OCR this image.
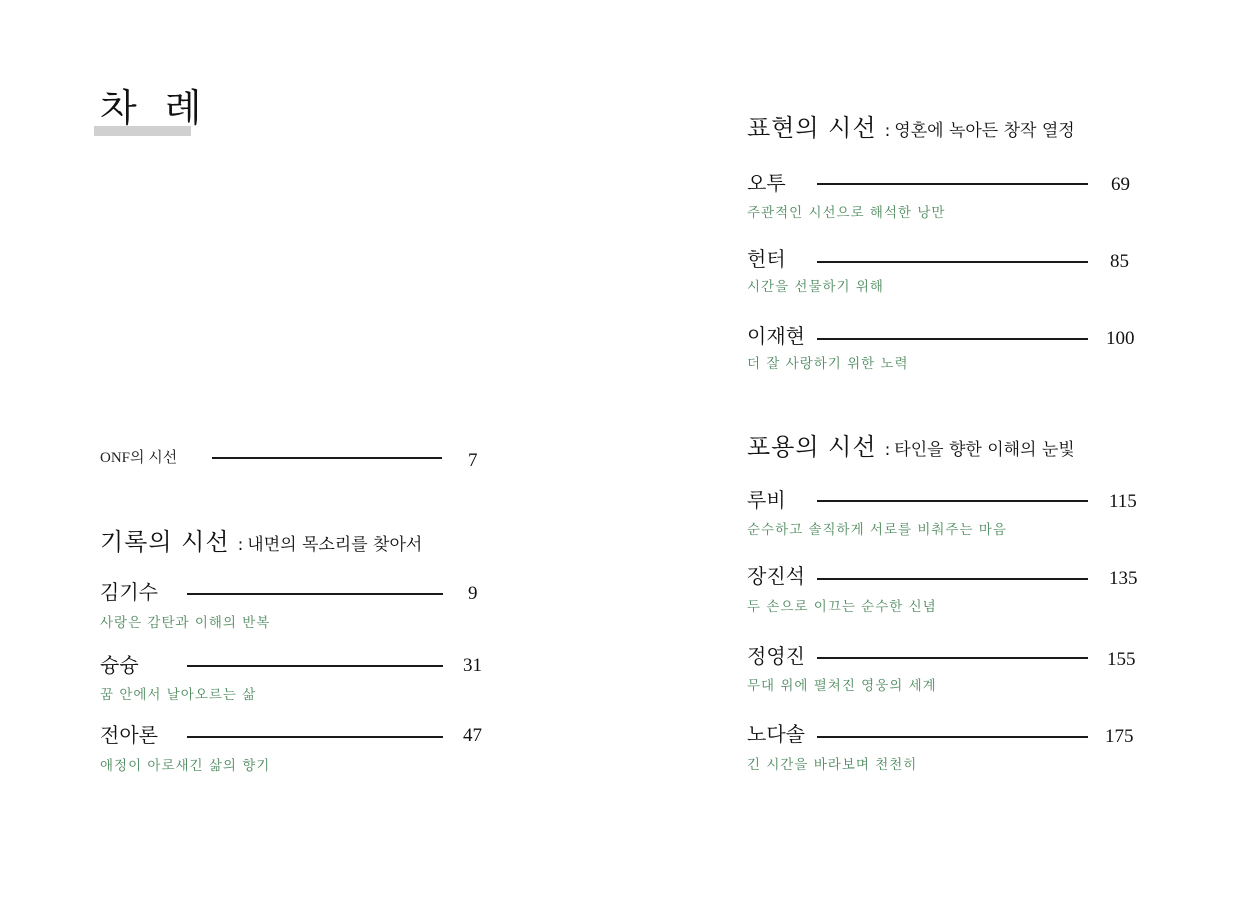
차 례
ONF의 시선	7
기록의 시선 : 내면의 목소리를 찾아서
김기수	9
사랑은 감탄과 이해의 반복
슝슝	31
꿈 안에서 날아오르는 삶
전아론	47
애정이 아로새긴 삶의 향기
표현의 시선 : 영혼에 녹아든 창작 열정
오투	69
주관적인 시선으로 해석한 낭만
헌터	85
시간을 선물하기 위해
이재현	100
더 잘 사랑하기 위한 노력
포용의 시선 : 타인을 향한 이해의 눈빛
루비	115
순수하고 솔직하게 서로를 비춰주는 마음
장진석	135
두 손으로 이끄는 순수한 신념
정영진	155
무대 위에 펼쳐진 영웅의 세계
노다솔	175
긴 시간을 바라보며 천천히
